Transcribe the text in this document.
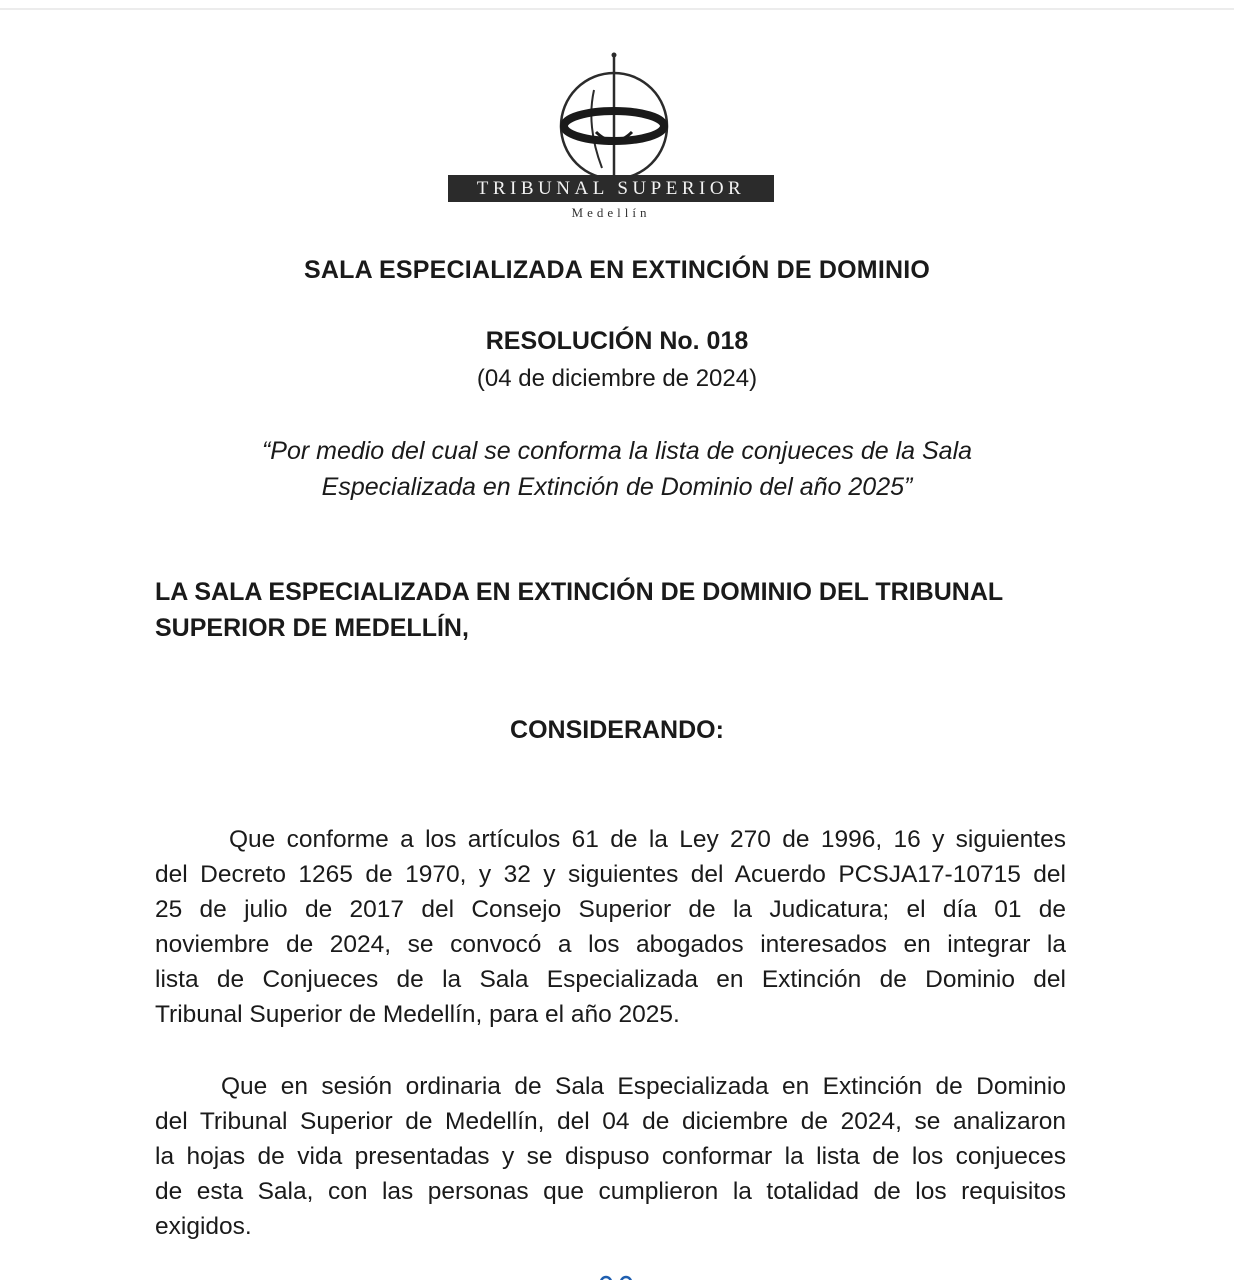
TRIBUNAL SUPERIOR
Medellín
SALA ESPECIALIZADA EN EXTINCIÓN DE DOMINIO
RESOLUCIÓN No. 018
(04 de diciembre de 2024)
“Por medio del cual se conforma la lista de conjueces de la Sala
Especializada en Extinción de Dominio del año 2025”
LA SALA ESPECIALIZADA EN EXTINCIÓN DE DOMINIO DEL TRIBUNAL
SUPERIOR DE MEDELLÍN,
CONSIDERANDO:
Que conforme a los artículos 61 de la Ley 270 de 1996, 16 y siguientes
del Decreto 1265 de 1970, y 32 y siguientes del Acuerdo PCSJA17-10715 del
25 de julio de 2017 del Consejo Superior de la Judicatura; el día 01 de
noviembre de 2024, se convocó a los abogados interesados en integrar la
lista de Conjueces de la Sala Especializada en Extinción de Dominio del
Tribunal Superior de Medellín, para el año 2025.
Que en sesión ordinaria de Sala Especializada en Extinción de Dominio
del Tribunal Superior de Medellín, del 04 de diciembre de 2024, se analizaron
la hojas de vida presentadas y se dispuso conformar la lista de los conjueces
de esta Sala, con las personas que cumplieron la totalidad de los requisitos
exigidos.
